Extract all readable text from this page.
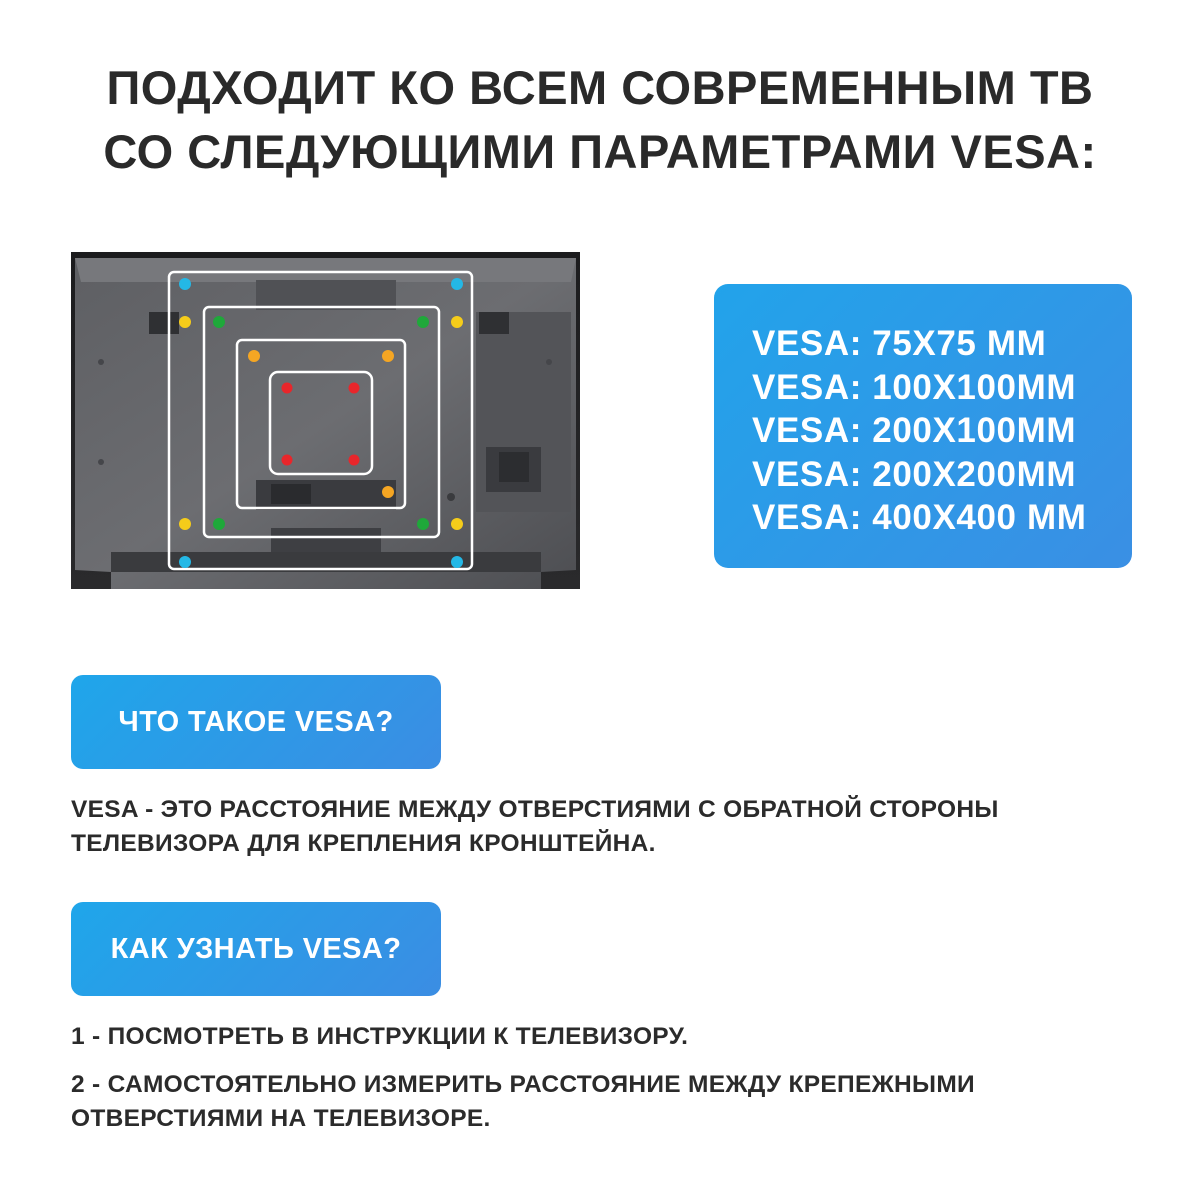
ПОДХОДИТ КО ВСЕМ СОВРЕМЕННЫМ ТВ
СО СЛЕДУЮЩИМИ ПАРАМЕТРАМИ VESA:
VESA: 75Х75 ММ
VESA: 100Х100ММ
VESA: 200Х100ММ
VESA: 200Х200ММ
VESA: 400Х400 ММ
ЧТО ТАКОЕ VESA?
VESA - ЭТО РАССТОЯНИЕ МЕЖДУ ОТВЕРСТИЯМИ С ОБРАТНОЙ СТОРОНЫ ТЕЛЕВИЗОРА ДЛЯ КРЕПЛЕНИЯ КРОНШТЕЙНА.
КАК УЗНАТЬ VESA?
1 - ПОСМОТРЕТЬ В ИНСТРУКЦИИ К ТЕЛЕВИЗОРУ.
2 - САМОСТОЯТЕЛЬНО ИЗМЕРИТЬ РАССТОЯНИЕ МЕЖДУ КРЕПЕЖНЫМИ ОТВЕРСТИЯМИ НА ТЕЛЕВИЗОРЕ.
